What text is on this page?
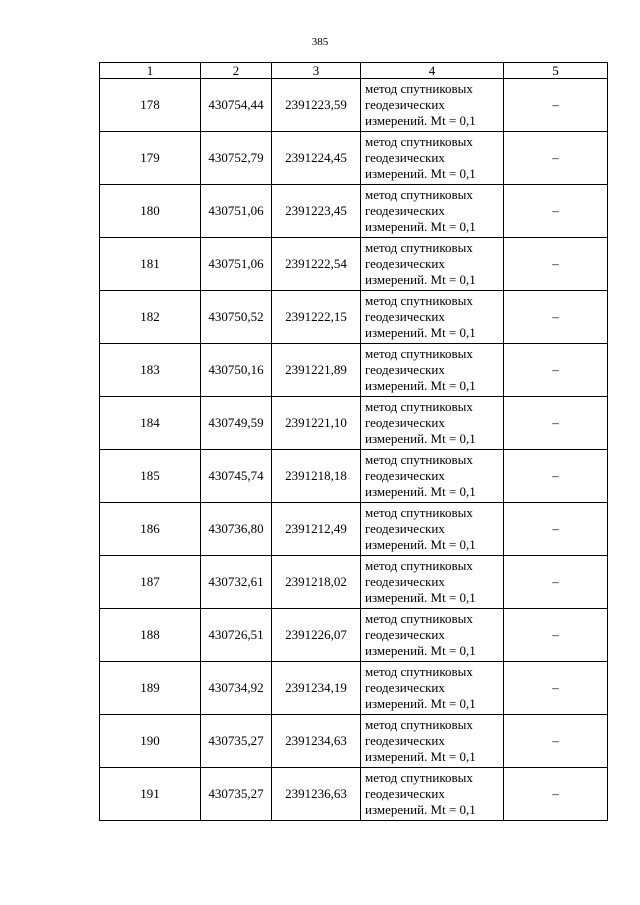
385
1	2	3	4	5
178	430754,44	2391223,59	метод спутниковых
геодезических
измерений. Mt = 0,1	–
179	430752,79	2391224,45	метод спутниковых
геодезических
измерений. Mt = 0,1	–
180	430751,06	2391223,45	метод спутниковых
геодезических
измерений. Mt = 0,1	–
181	430751,06	2391222,54	метод спутниковых
геодезических
измерений. Mt = 0,1	–
182	430750,52	2391222,15	метод спутниковых
геодезических
измерений. Mt = 0,1	–
183	430750,16	2391221,89	метод спутниковых
геодезических
измерений. Mt = 0,1	–
184	430749,59	2391221,10	метод спутниковых
геодезических
измерений. Mt = 0,1	–
185	430745,74	2391218,18	метод спутниковых
геодезических
измерений. Mt = 0,1	–
186	430736,80	2391212,49	метод спутниковых
геодезических
измерений. Mt = 0,1	–
187	430732,61	2391218,02	метод спутниковых
геодезических
измерений. Mt = 0,1	–
188	430726,51	2391226,07	метод спутниковых
геодезических
измерений. Mt = 0,1	–
189	430734,92	2391234,19	метод спутниковых
геодезических
измерений. Mt = 0,1	–
190	430735,27	2391234,63	метод спутниковых
геодезических
измерений. Mt = 0,1	–
191	430735,27	2391236,63	метод спутниковых
геодезических
измерений. Mt = 0,1	–
